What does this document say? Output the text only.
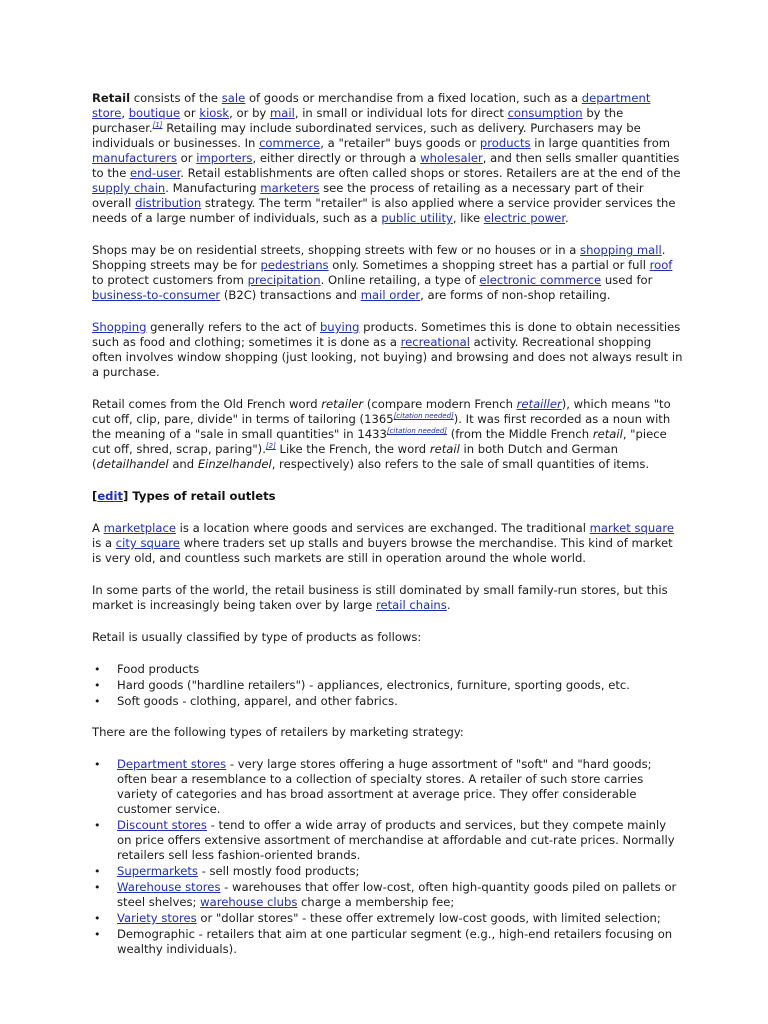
Retail consists of the sale of goods or merchandise from a fixed location, such as a department store, boutique or kiosk, or by mail, in small or individual lots for direct consumption by the purchaser.[1] Retailing may include subordinated services, such as delivery. Purchasers may be individuals or businesses. In commerce, a "retailer" buys goods or products in large quantities from manufacturers or importers, either directly or through a wholesaler, and then sells smaller quantities to the end-user. Retail establishments are often called shops or stores. Retailers are at the end of the supply chain. Manufacturing marketers see the process of retailing as a necessary part of their overall distribution strategy. The term "retailer" is also applied where a service provider services the needs of a large number of individuals, such as a public utility, like electric power.

Shops may be on residential streets, shopping streets with few or no houses or in a shopping mall. Shopping streets may be for pedestrians only. Sometimes a shopping street has a partial or full roof to protect customers from precipitation. Online retailing, a type of electronic commerce used for business-to-consumer (B2C) transactions and mail order, are forms of non-shop retailing.

Shopping generally refers to the act of buying products. Sometimes this is done to obtain necessities such as food and clothing; sometimes it is done as a recreational activity. Recreational shopping often involves window shopping (just looking, not buying) and browsing and does not always result in a purchase.

Retail comes from the Old French word retailer (compare modern French retailler), which means "to cut off, clip, pare, divide" in terms of tailoring (1365[citation needed]). It was first recorded as a noun with the meaning of a "sale in small quantities" in 1433[citation needed] (from the Middle French retail, "piece cut off, shred, scrap, paring").[2] Like the French, the word retail in both Dutch and German (detailhandel and Einzelhandel, respectively) also refers to the sale of small quantities of items.

[edit] Types of retail outlets

A marketplace is a location where goods and services are exchanged. The traditional market square is a city square where traders set up stalls and buyers browse the merchandise. This kind of market is very old, and countless such markets are still in operation around the whole world.

In some parts of the world, the retail business is still dominated by small family-run stores, but this market is increasingly being taken over by large retail chains.

Retail is usually classified by type of products as follows:

• Food products
• Hard goods ("hardline retailers") - appliances, electronics, furniture, sporting goods, etc.
• Soft goods - clothing, apparel, and other fabrics.

There are the following types of retailers by marketing strategy:

• Department stores - very large stores offering a huge assortment of "soft" and "hard goods; often bear a resemblance to a collection of specialty stores. A retailer of such store carries variety of categories and has broad assortment at average price. They offer considerable customer service.
• Discount stores - tend to offer a wide array of products and services, but they compete mainly on price offers extensive assortment of merchandise at affordable and cut-rate prices. Normally retailers sell less fashion-oriented brands.
• Supermarkets - sell mostly food products;
• Warehouse stores - warehouses that offer low-cost, often high-quantity goods piled on pallets or steel shelves; warehouse clubs charge a membership fee;
• Variety stores or "dollar stores" - these offer extremely low-cost goods, with limited selection;
• Demographic - retailers that aim at one particular segment (e.g., high-end retailers focusing on wealthy individuals).
